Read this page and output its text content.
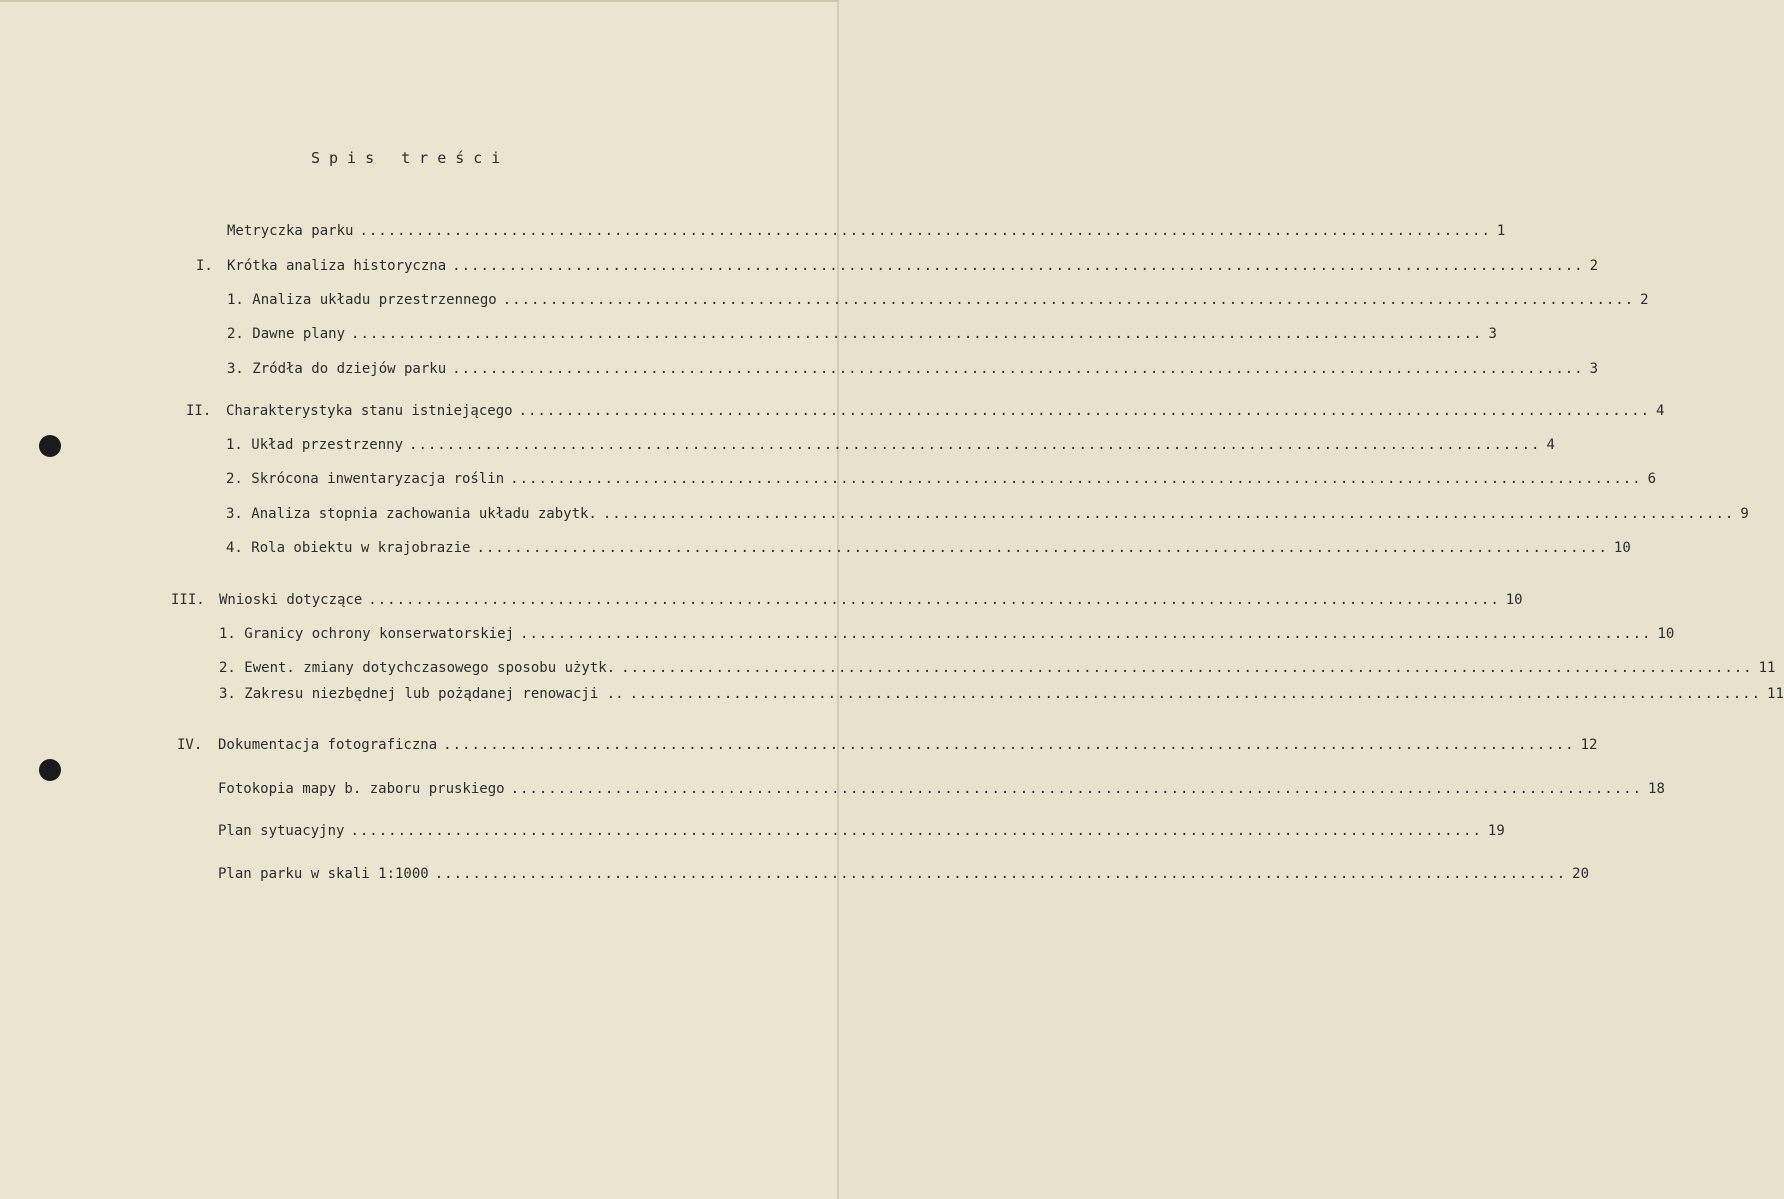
Spis treści
Metryczka parku ........................................................................................................................ 1
I. Krótka analiza historyczna ........................................................................................................................ 2
1. Analiza układu przestrzennego ........................................................................................................................ 2
2. Dawne plany ........................................................................................................................ 3
3. Zródła do dziejów parku ........................................................................................................................ 3
II. Charakterystyka stanu istniejącego ........................................................................................................................ 4
1. Układ przestrzenny ........................................................................................................................ 4
2. Skrócona inwentaryzacja roślin ........................................................................................................................ 6
3. Analiza stopnia zachowania układu zabytk. ........................................................................................................................ 9
4. Rola obiektu w krajobrazie ........................................................................................................................ 10
III. Wnioski dotyczące ........................................................................................................................ 10
1. Granicy ochrony konserwatorskiej ........................................................................................................................ 10
2. Ewent. zmiany dotychczasowego sposobu użytk. ........................................................................................................................ 11
3. Zakresu niezbędnej lub pożądanej renowacji .. ........................................................................................................................ 11
IV. Dokumentacja fotograficzna ........................................................................................................................ 12
Fotokopia mapy b. zaboru pruskiego ........................................................................................................................ 18
Plan sytuacyjny ........................................................................................................................ 19
Plan parku w skali 1:1000 ........................................................................................................................ 20
